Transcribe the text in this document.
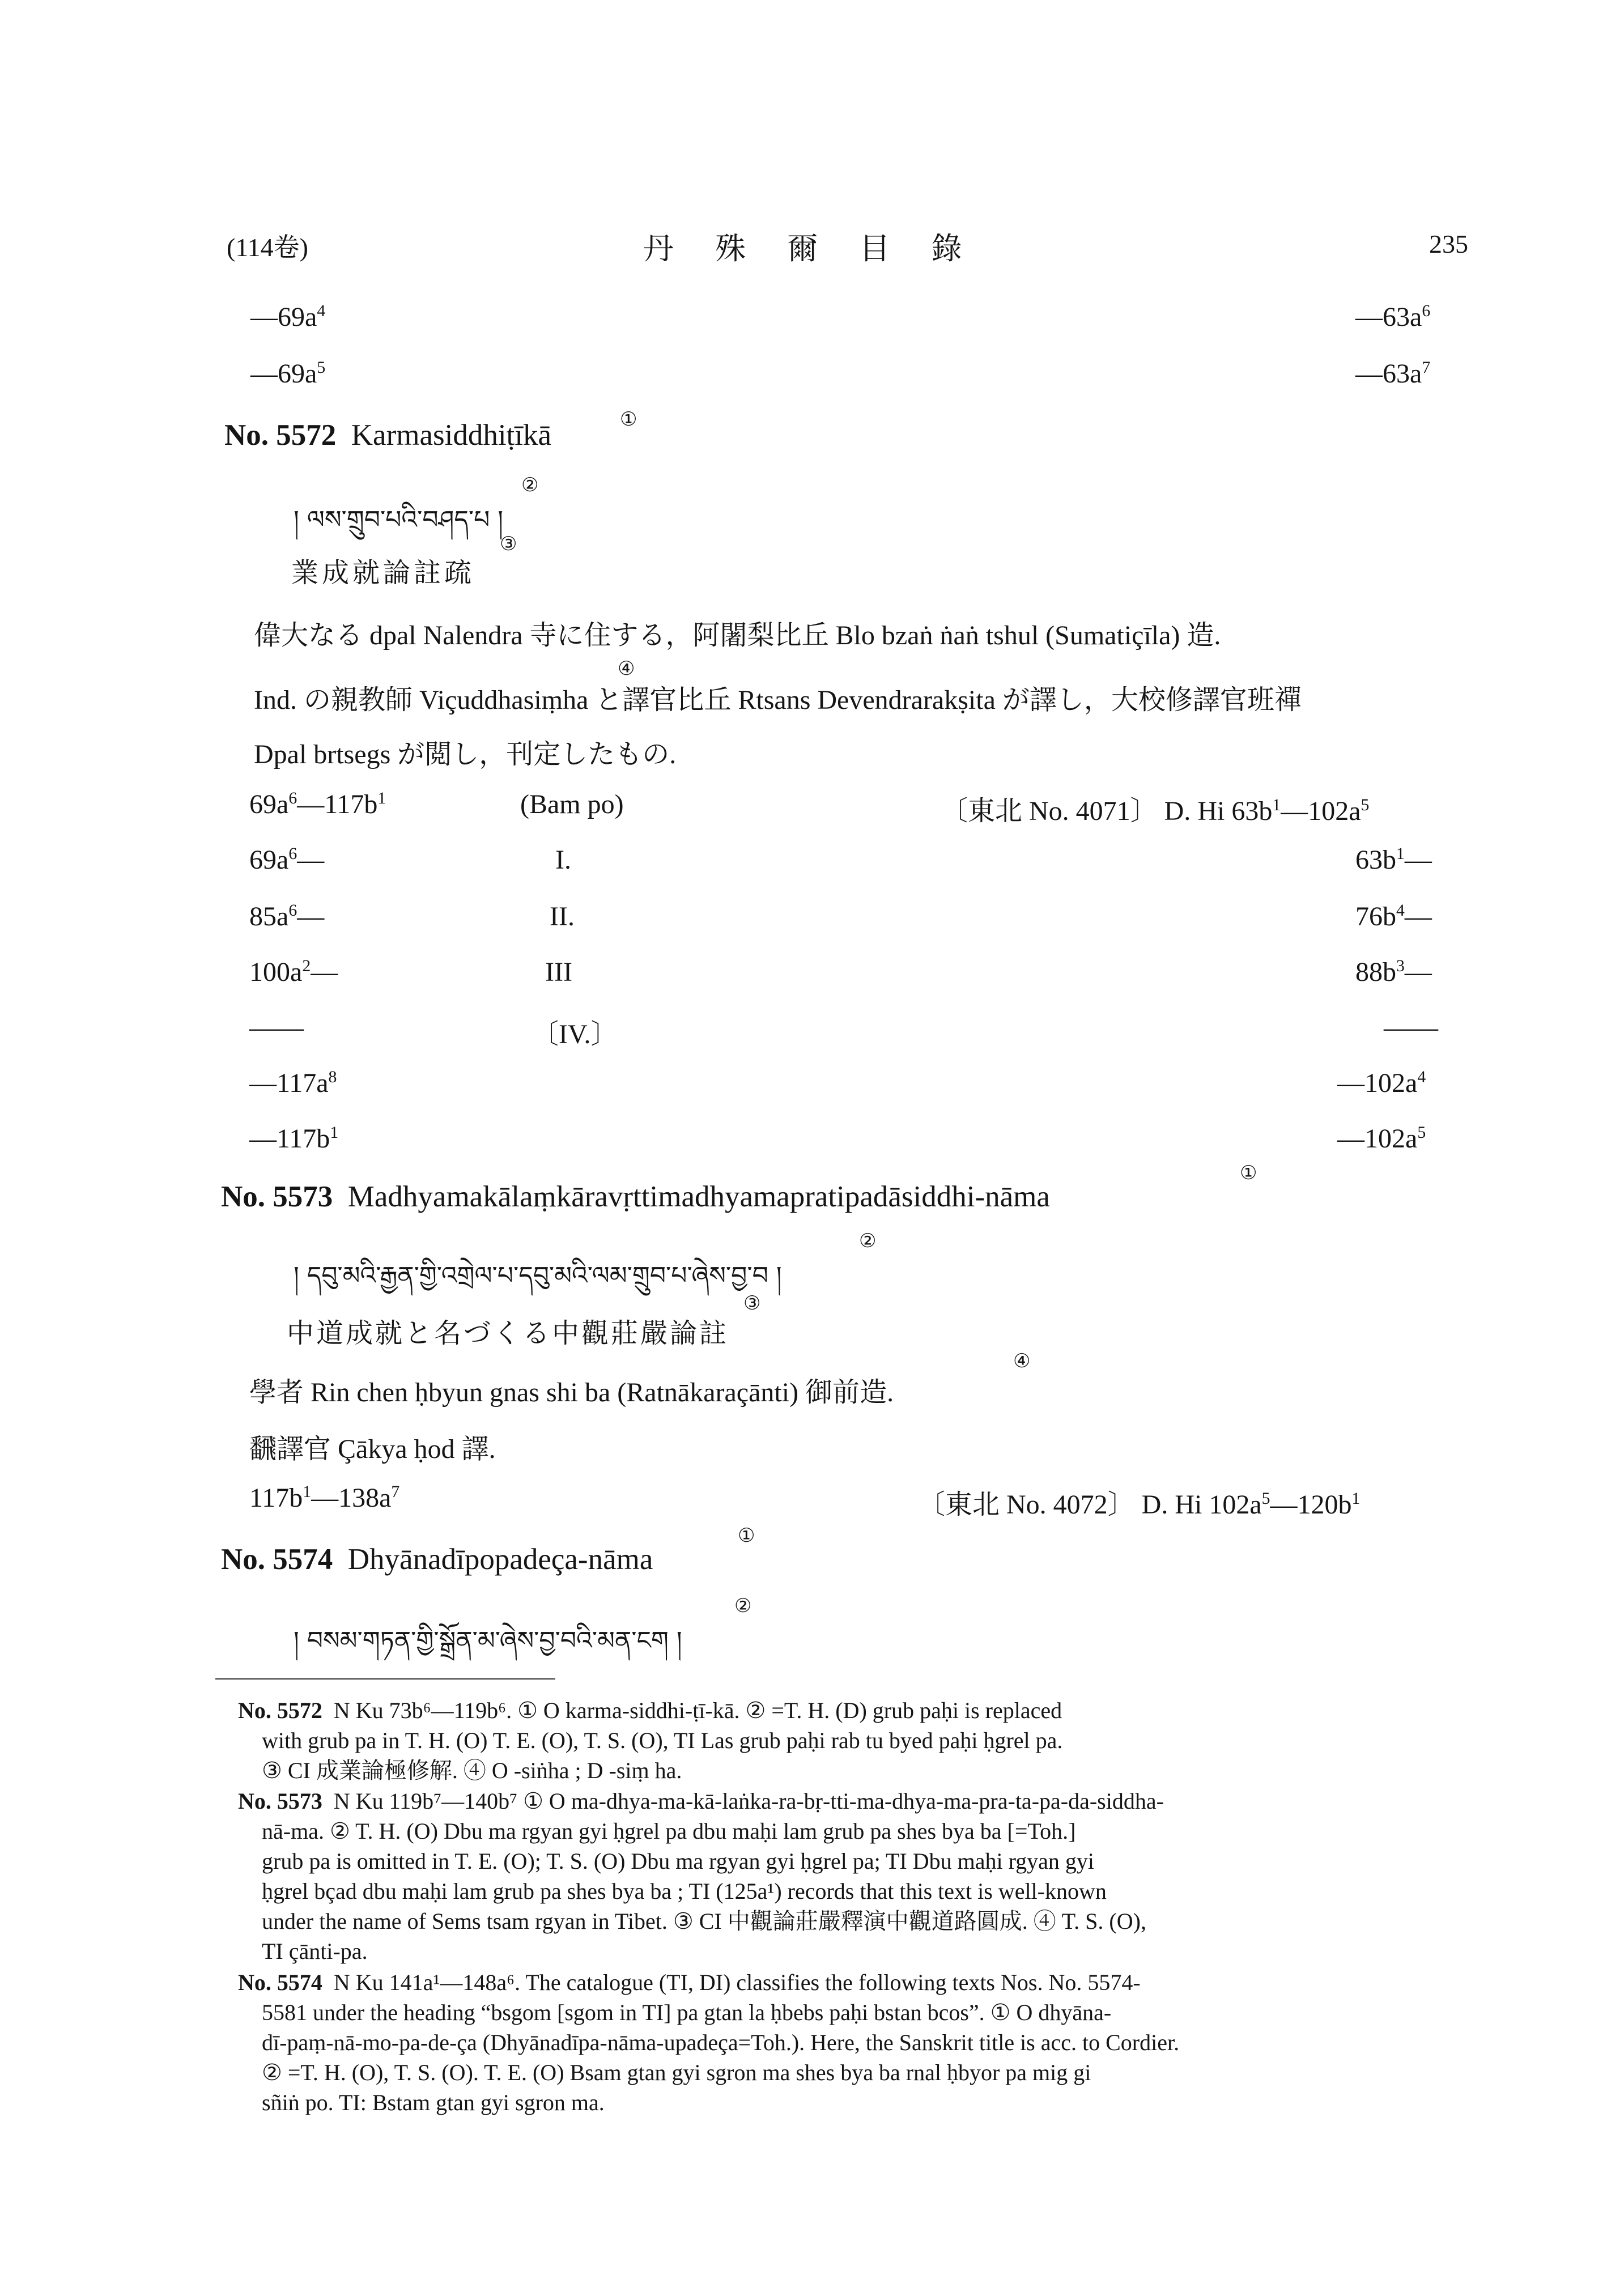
(114卷)	丹 殊 爾 目 錄	235
$—69a^4$	$—63a^6$
$—69a^5$	$—63a^7$
No. 5572 Karmasiddhiṭīkā	①
། ལས་གྲུབ་པའི་བཤད་པ །
②
業成就論註疏
③
偉大なる dpal Nalendra 寺に住する，阿闍梨比丘 Blo bzaṅ ṅaṅ tshul (Sumatiçīla) 造.
Ind. の親教師 Viçuddhasiṃha と譯官比丘 Rtsans Devendrarakṣita が譯し，大校修譯官班禪
④
Dpal brtsegs が閲し，刊定したもの.
$69a^6—117b^1$	(Bam po)	〔東北 No. 4071〕 D. Hi $63b^1—102a^5$
$69a^6—$	I.	$63b^1—$
$85a^6—$	II.	$76b^4—$
$100a^2—$	III	$88b^3—$
——	〔IV.〕	——
$—117a^8$	$—102a^4$
$—117b^1$	$—102a^5$
No. 5573 Madhyamakālaṃkāravṛttimadhyamapratipadāsiddhi-nāma
①
། དབུ་མའི་རྒྱན་གྱི་འགྲེལ་པ་དབུ་མའི་ལམ་གྲུབ་པ་ཞེས་བྱ་བ །
②
中道成就と名づくる中觀莊嚴論註
③
學者 Rin chen ḥbyun gnas shi ba (Ratnākaraçānti) 御前造.
④
飜譯官 Çākya ḥod 譯.
$117b^1—138a^7$	〔東北 No. 4072〕 D. Hi $102a^5—120b^1$
No. 5574 Dhyānadīpopadeça-nāma
①
། བསམ་གཏན་གྱི་སྒྲོན་མ་ཞེས་བྱ་བའི་མན་ངག །
②
No. 5572 N Ku 73b⁶—119b⁶. ① O karma-siddhi-ṭī-kā. ② =T. H. (D) grub paḥi is replaced
with grub pa in T. H. (O) T. E. (O), T. S. (O), TI Las grub paḥi rab tu byed paḥi ḥgrel pa.
③ CI 成業論極修解. ④ O -siṅha ; D -siṃ ha.
No. 5573 N Ku 119b⁷—140b⁷ ① O ma-dhya-ma-kā-laṅka-ra-bṛ-tti-ma-dhya-ma-pra-ta-pa-da-siddha-
nā-ma. ② T. H. (O) Dbu ma rgyan gyi ḥgrel pa dbu maḥi lam grub pa shes bya ba [=Toh.]
grub pa is omitted in T. E. (O); T. S. (O) Dbu ma rgyan gyi ḥgrel pa; TI Dbu maḥi rgyan gyi
ḥgrel bçad dbu maḥi lam grub pa shes bya ba ; TI (125a¹) records that this text is well-known
under the name of Sems tsam rgyan in Tibet. ③ CI 中觀論莊嚴釋演中觀道路圓成. ④ T. S. (O),
TI çānti-pa.
No. 5574 N Ku 141a¹—148a⁶. The catalogue (TI, DI) classifies the following texts Nos. No. 5574-
5581 under the heading “bsgom [sgom in TI] pa gtan la ḥbebs paḥi bstan bcos”. ① O dhyāna-
dī-paṃ-nā-mo-pa-de-ça (Dhyānadīpa-nāma-upadeça=Toh.). Here, the Sanskrit title is acc. to Cordier.
② =T. H. (O), T. S. (O). T. E. (O) Bsam gtan gyi sgron ma shes bya ba rnal ḥbyor pa mig gi
sñiṅ po. TI: Bstam gtan gyi sgron ma.
